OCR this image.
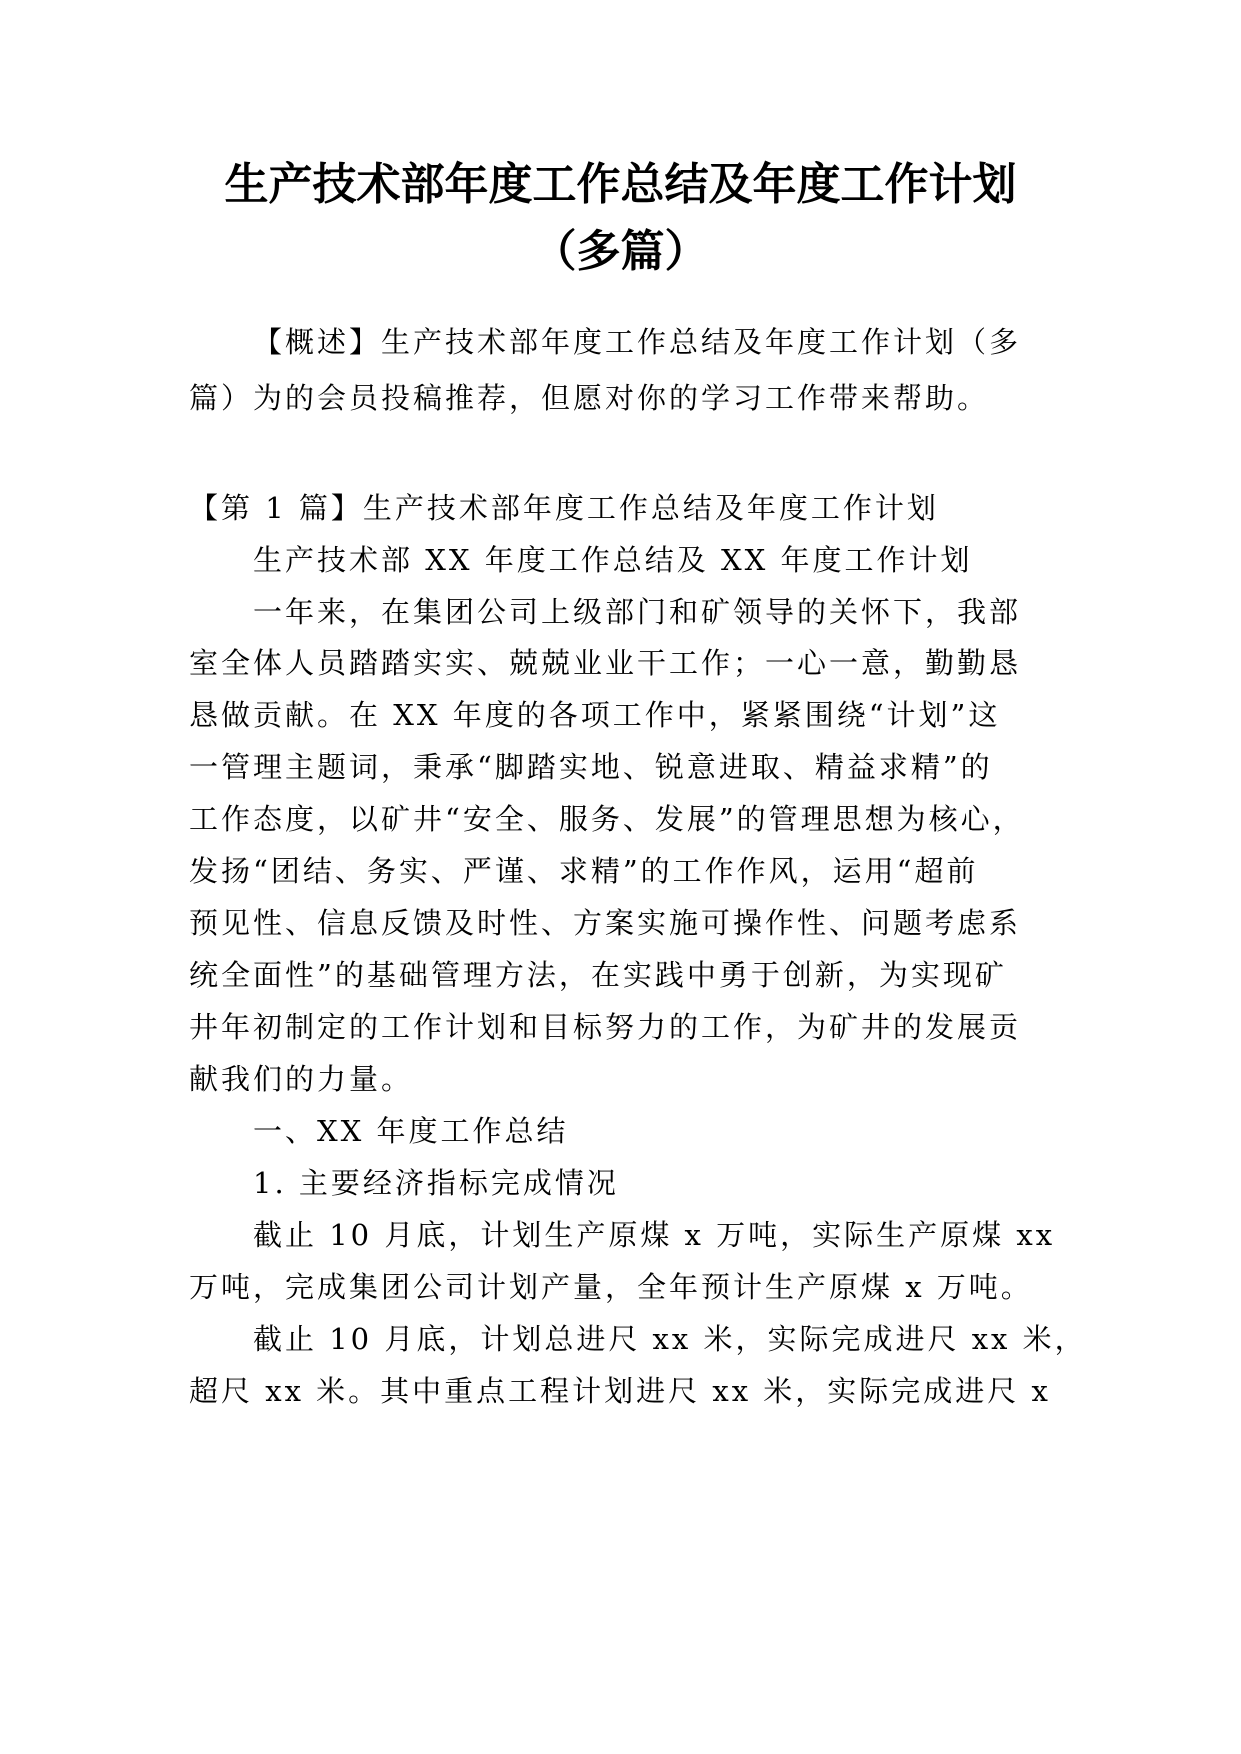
生产技术部年度工作总结及年度工作计划
（多篇）

【概述】生产技术部年度工作总结及年度工作计划（多

篇）为的会员投稿推荐，但愿对你的学习工作带来帮助。

【第 1 篇】生产技术部年度工作总结及年度工作计划

生产技术部 XX 年度工作总结及 XX 年度工作计划

一年来，在集团公司上级部门和矿领导的关怀下，我部

室全体人员踏踏实实、兢兢业业干工作；一心一意，勤勤恳

恳做贡献。在 XX 年度的各项工作中，紧紧围绕“计划”这

一管理主题词，秉承“脚踏实地、锐意进取、精益求精”的

工作态度，以矿井“安全、服务、发展”的管理思想为核心，

发扬“团结、务实、严谨、求精”的工作作风，运用“超前

预见性、信息反馈及时性、方案实施可操作性、问题考虑系

统全面性”的基础管理方法，在实践中勇于创新，为实现矿

井年初制定的工作计划和目标努力的工作，为矿井的发展贡

献我们的力量。

一、XX 年度工作总结

1. 主要经济指标完成情况

截止 10 月底，计划生产原煤 x 万吨，实际生产原煤 xx

万吨，完成集团公司计划产量，全年预计生产原煤 x 万吨。

截止 10 月底，计划总进尺 xx 米，实际完成进尺 xx 米，

超尺 xx 米。其中重点工程计划进尺 xx 米，实际完成进尺 x
